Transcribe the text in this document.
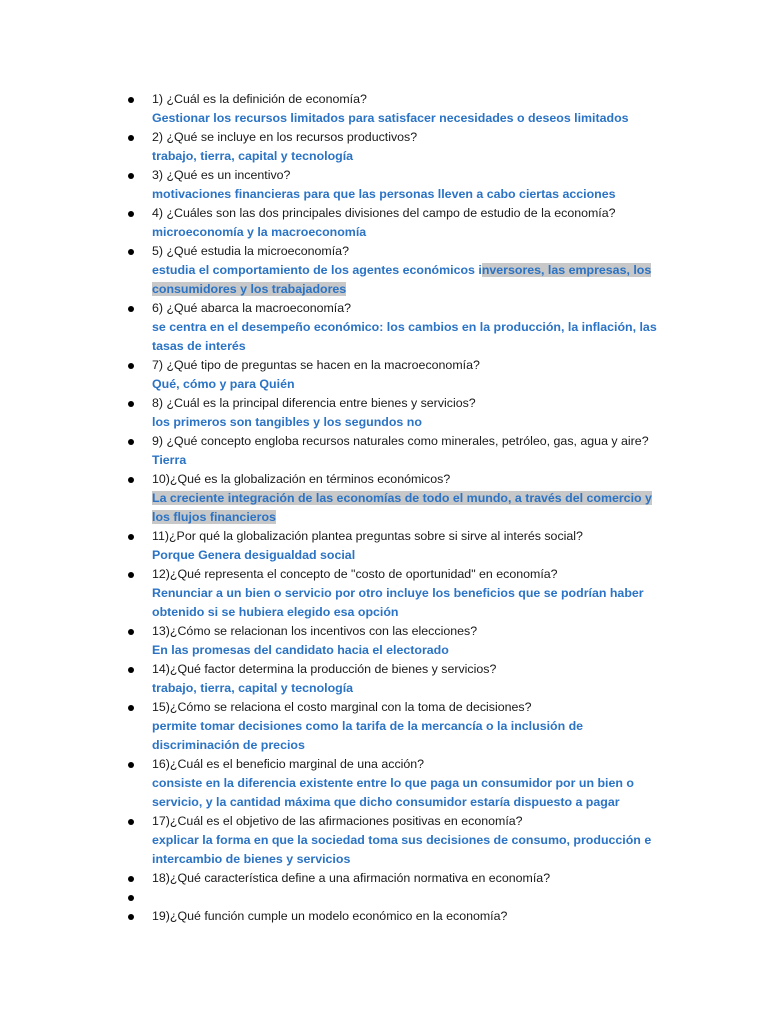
1) ¿Cuál es la definición de economía?
Gestionar los recursos limitados para satisfacer necesidades o deseos limitados
2) ¿Qué se incluye en los recursos productivos?
trabajo, tierra, capital y tecnología
3) ¿Qué es un incentivo?
motivaciones financieras para que las personas lleven a cabo ciertas acciones
4) ¿Cuáles son las dos principales divisiones del campo de estudio de la economía?
microeconomía y la macroeconomía
5) ¿Qué estudia la microeconomía?
estudia el comportamiento de los agentes económicos inversores, las empresas, los consumidores y los trabajadores
6) ¿Qué abarca la macroeconomía?
se centra en el desempeño económico: los cambios en la producción, la inflación, las tasas de interés
7) ¿Qué tipo de preguntas se hacen en la macroeconomía?
Qué, cómo y para Quién
8) ¿Cuál es la principal diferencia entre bienes y servicios?
los primeros son tangibles y los segundos no
9) ¿Qué concepto engloba recursos naturales como minerales, petróleo, gas, agua y aire?
Tierra
10)¿Qué es la globalización en términos económicos?
La creciente integración de las economías de todo el mundo, a través del comercio y los flujos financieros
11)¿Por qué la globalización plantea preguntas sobre si sirve al interés social?
Porque Genera desigualdad social
12)¿Qué representa el concepto de "costo de oportunidad" en economía?
Renunciar a un bien o servicio por otro incluye los beneficios que se podrían haber obtenido si se hubiera elegido esa opción
13)¿Cómo se relacionan los incentivos con las elecciones?
En las promesas del candidato hacia el electorado
14)¿Qué factor determina la producción de bienes y servicios?
trabajo, tierra, capital y tecnología
15)¿Cómo se relaciona el costo marginal con la toma de decisiones?
permite tomar decisiones como la tarifa de la mercancía o la inclusión de discriminación de precios
16)¿Cuál es el beneficio marginal de una acción?
consiste en la diferencia existente entre lo que paga un consumidor por un bien o servicio, y la cantidad máxima que dicho consumidor estaría dispuesto a pagar
17)¿Cuál es el objetivo de las afirmaciones positivas en economía?
explicar la forma en que la sociedad toma sus decisiones de consumo, producción e intercambio de bienes y servicios
18)¿Qué característica define a una afirmación normativa en economía?

19)¿Qué función cumple un modelo económico en la economía?
